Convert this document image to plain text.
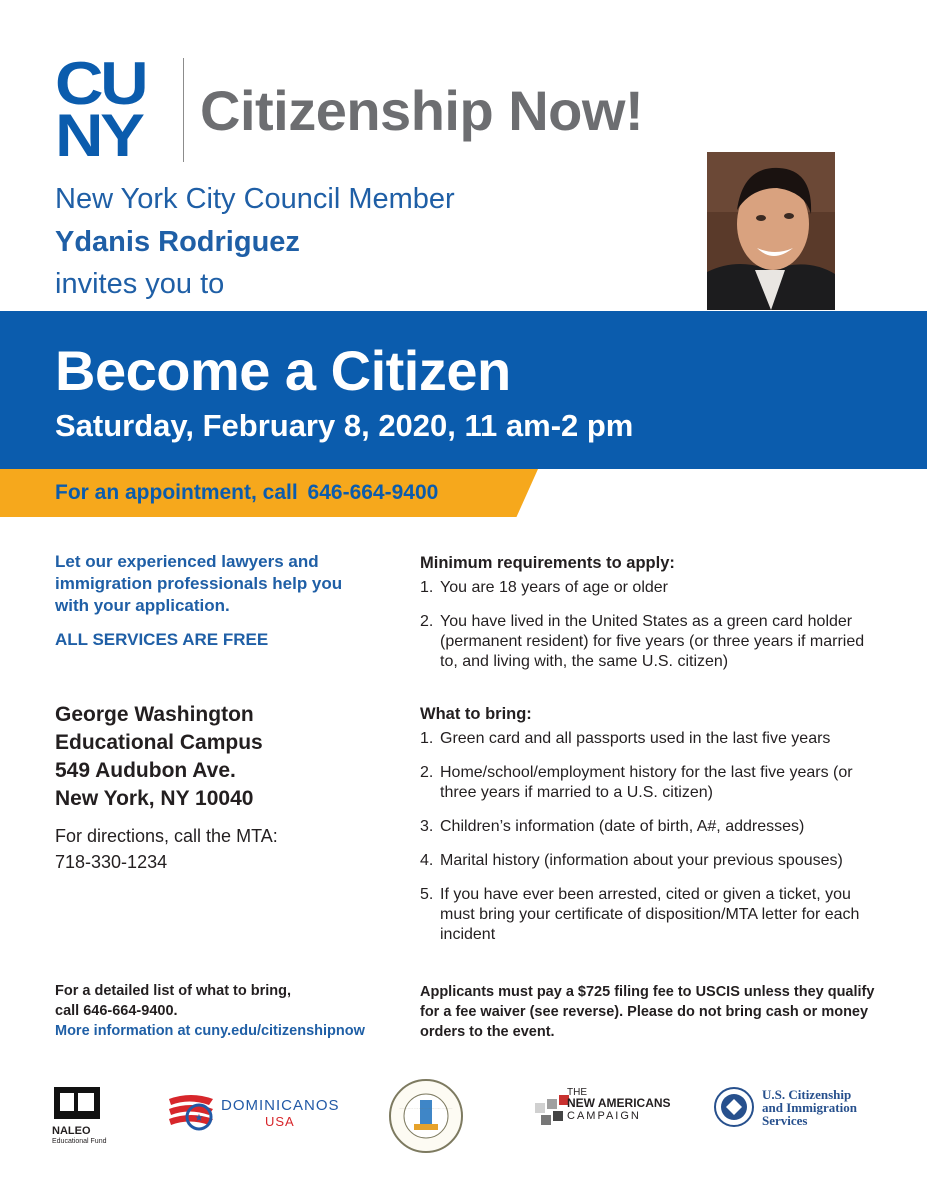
CU
NY	Citizenship Now!
New York City Council Member
Ydanis Rodriguez
invites you to
Become a Citizen
Saturday, February 8, 2020, 11 am-2 pm
For an appointment, call 646-664-9400
Let our experienced lawyers and immigration professionals help you with your application.
ALL SERVICES ARE FREE
George Washington
Educational Campus
549 Audubon Ave.
New York, NY 10040
For directions, call the MTA:
718-330-1234
For a detailed list of what to bring,
call 646-664-9400.
More information at cuny.edu/citizenshipnow
Minimum requirements to apply:
1. You are 18 years of age or older
2. You have lived in the United States as a green card holder (permanent resident) for five years (or three years if married to, and living with, the same U.S. citizen)
What to bring:
1. Green card and all passports used in the last five years
2. Home/school/employment history for the last five years (or three years if married to a U.S. citizen)
3. Children’s information (date of birth, A#, addresses)
4. Marital history (information about your previous spouses)
5. If you have ever been arrested, cited or given a ticket, you must bring your certificate of disposition/MTA letter for each incident
Applicants must pay a $725 filing fee to USCIS unless they qualify for a fee waiver (see reverse). Please do not bring cash or money orders to the event.
NALEO
Educational Fund
★
DOMINICANOS
USA
HIGH SCHOOL FOR HEALTH CAREERS AND SCIENCES
THE
NEW AMERICANS
CAMPAIGN
U.S. Citizenship
and Immigration
Services
